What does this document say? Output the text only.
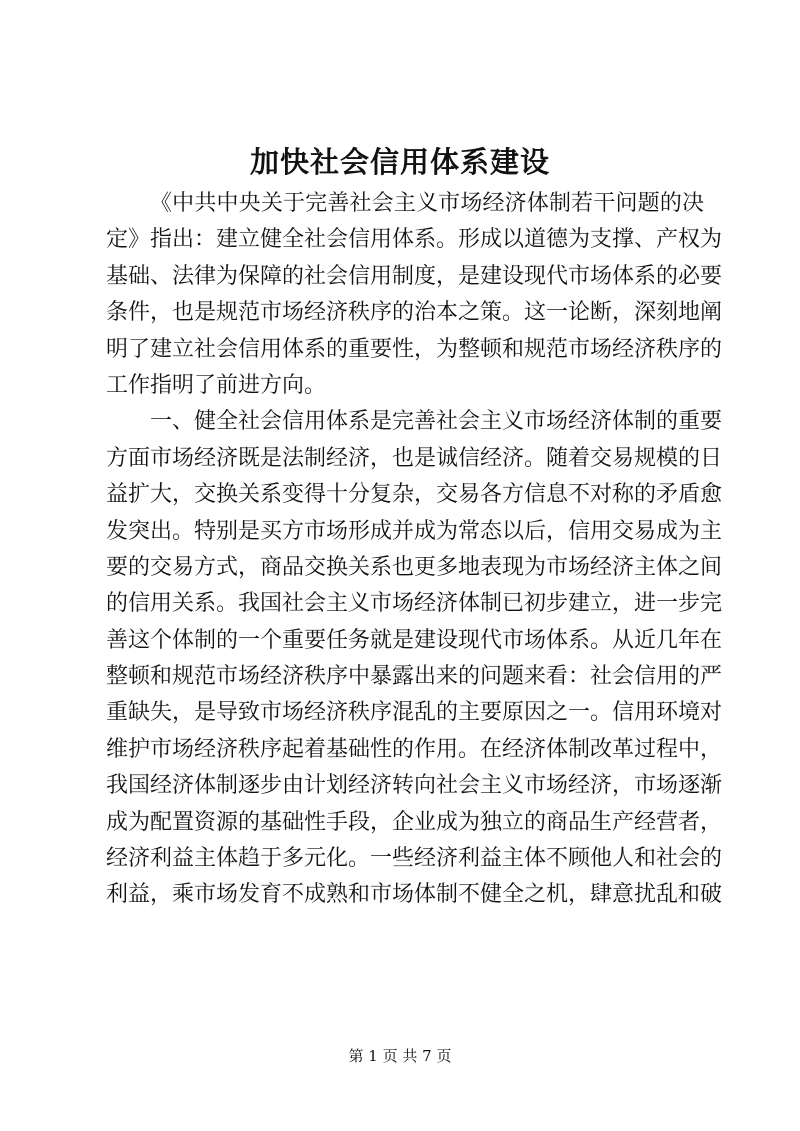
加快社会信用体系建设
《中共中央关于完善社会主义市场经济体制若干问题的决
定》指出：建立健全社会信用体系。形成以道德为支撑、产权为
基础、法律为保障的社会信用制度，是建设现代市场体系的必要
条件，也是规范市场经济秩序的治本之策。这一论断，深刻地阐
明了建立社会信用体系的重要性，为整顿和规范市场经济秩序的
工作指明了前进方向。
一、健全社会信用体系是完善社会主义市场经济体制的重要
方面市场经济既是法制经济，也是诚信经济。随着交易规模的日
益扩大，交换关系变得十分复杂，交易各方信息不对称的矛盾愈
发突出。特别是买方市场形成并成为常态以后，信用交易成为主
要的交易方式，商品交换关系也更多地表现为市场经济主体之间
的信用关系。我国社会主义市场经济体制已初步建立，进一步完
善这个体制的一个重要任务就是建设现代市场体系。从近几年在
整顿和规范市场经济秩序中暴露出来的问题来看：社会信用的严
重缺失，是导致市场经济秩序混乱的主要原因之一。信用环境对
维护市场经济秩序起着基础性的作用。在经济体制改革过程中，
我国经济体制逐步由计划经济转向社会主义市场经济，市场逐渐
成为配置资源的基础性手段，企业成为独立的商品生产经营者，
经济利益主体趋于多元化。一些经济利益主体不顾他人和社会的
利益，乘市场发育不成熟和市场体制不健全之机，肆意扰乱和破
第 1 页 共 7 页
